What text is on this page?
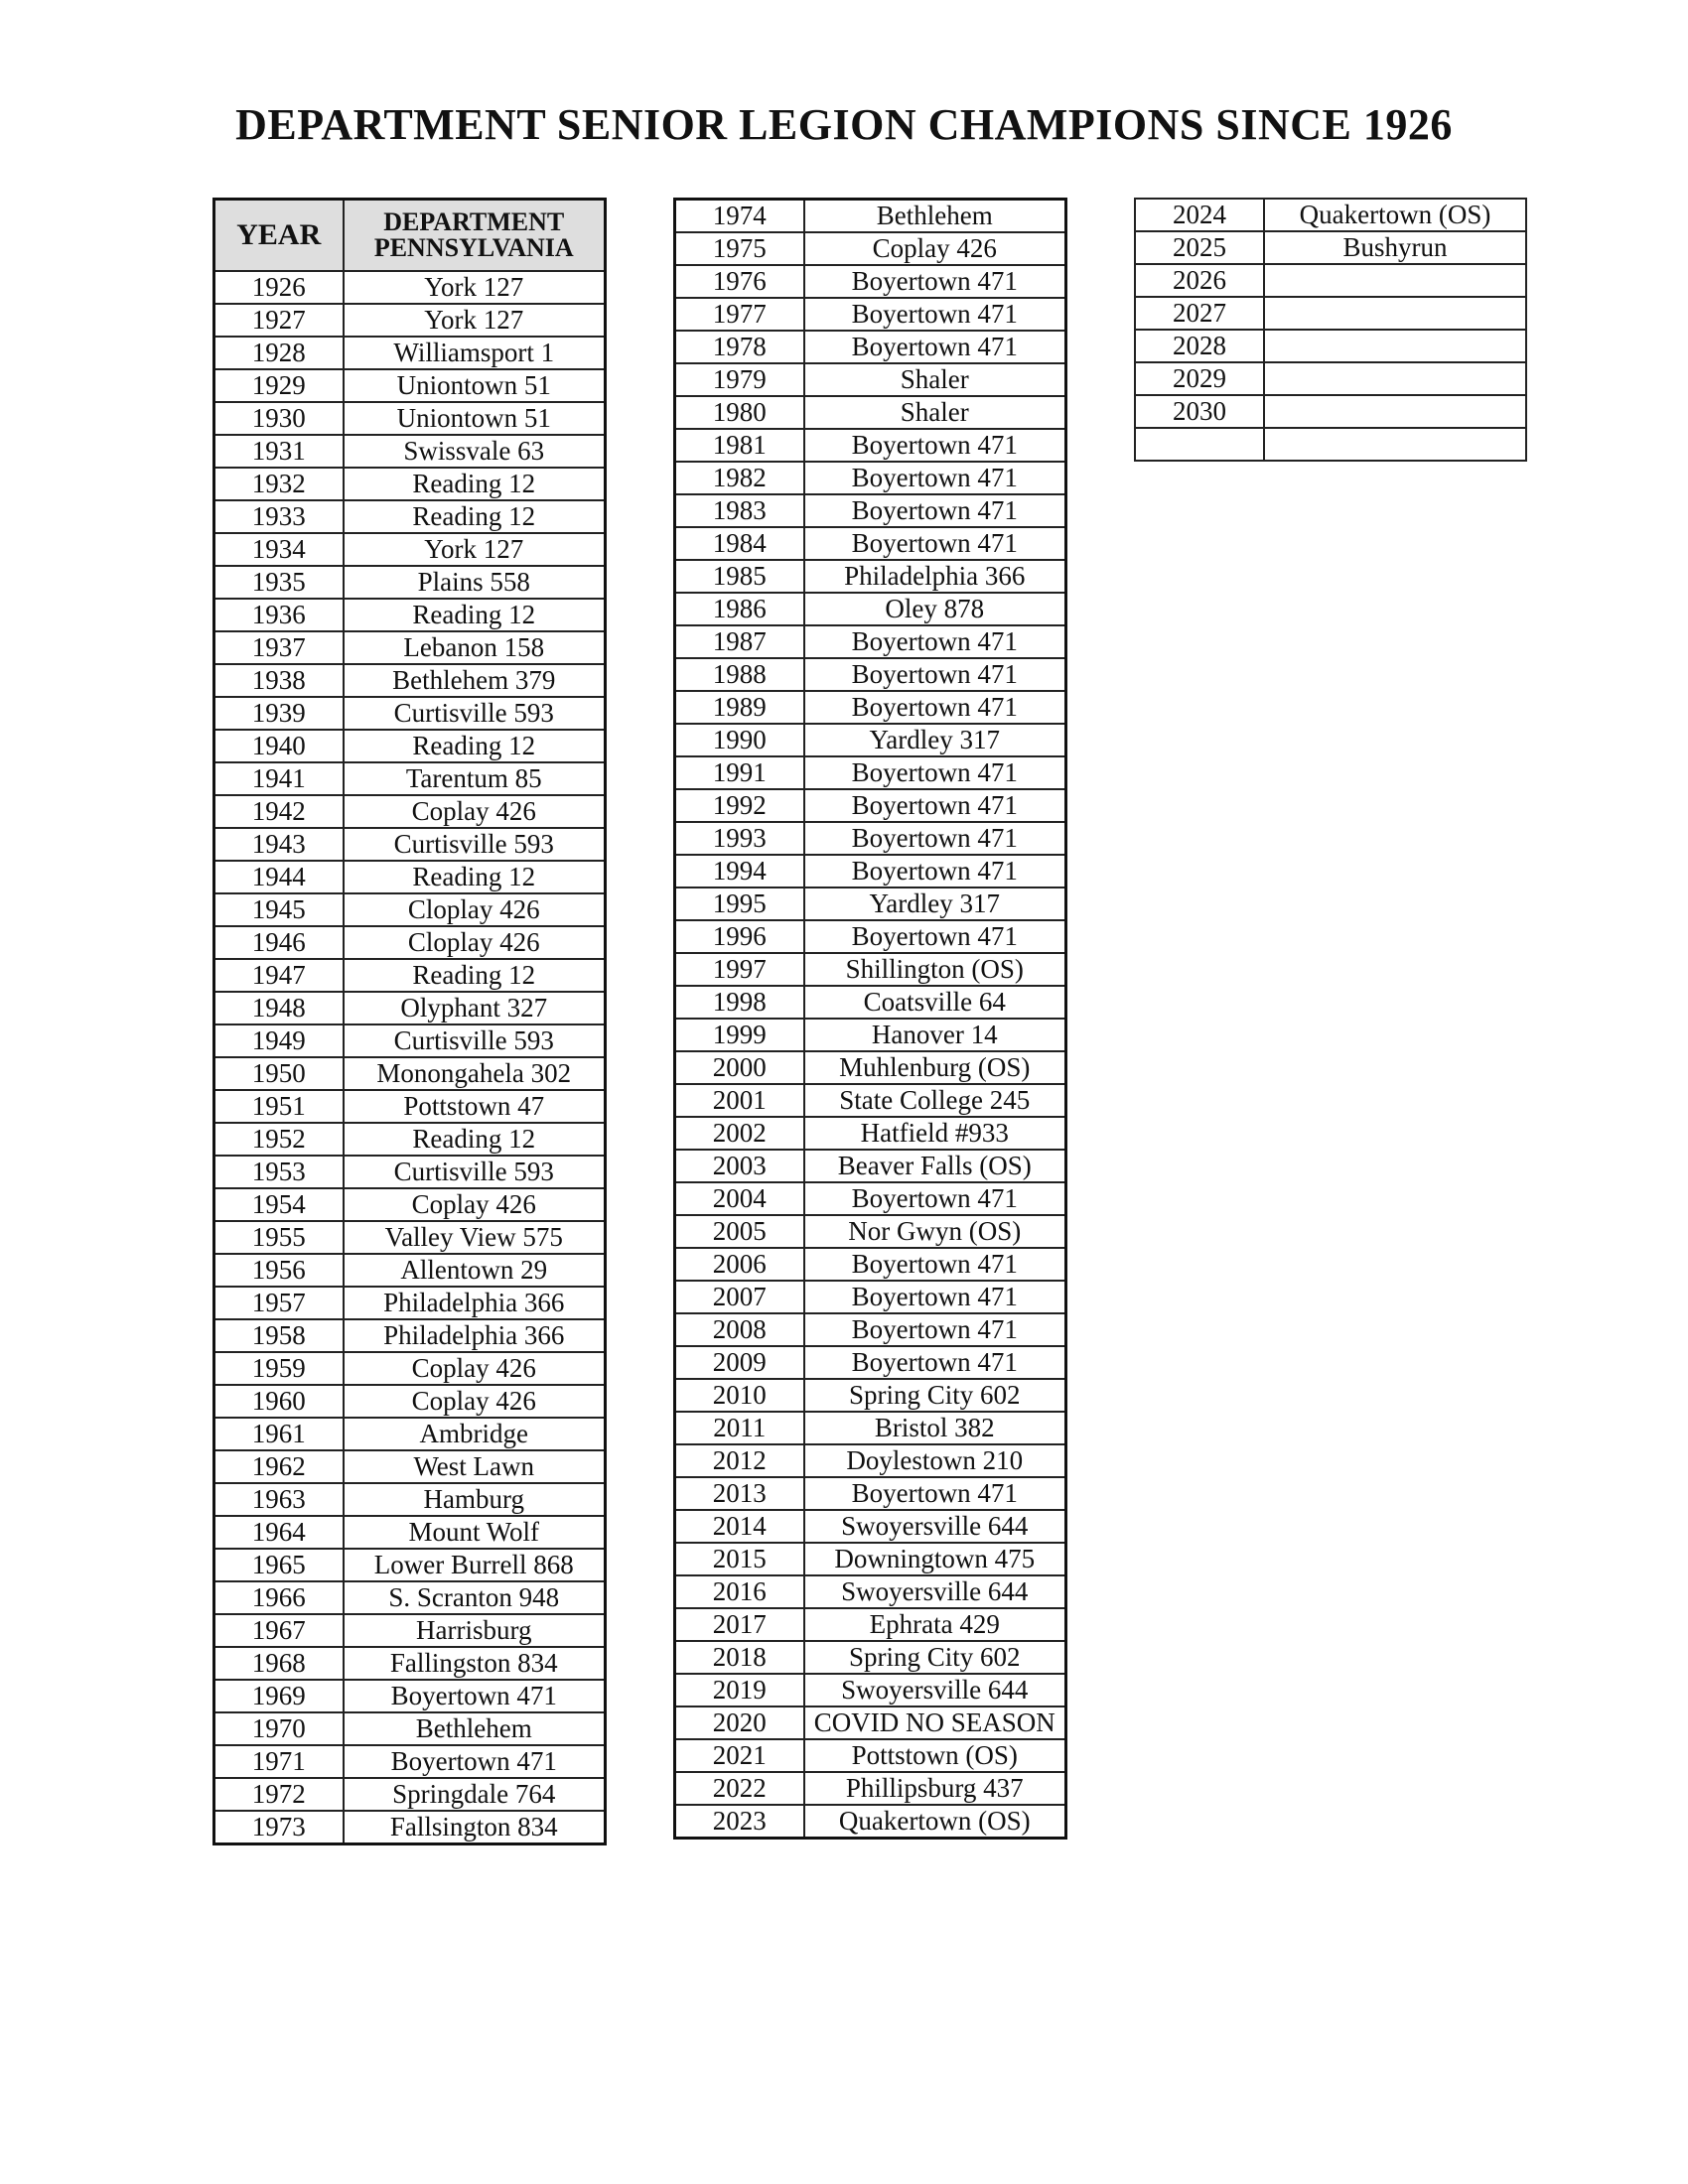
DEPARTMENT SENIOR LEGION CHAMPIONS SINCE 1926
YEAR	DEPARTMENT
PENNSYLVANIA
1926	York 127
1927	York 127
1928	Williamsport 1
1929	Uniontown 51
1930	Uniontown 51
1931	Swissvale 63
1932	Reading 12
1933	Reading 12
1934	York 127
1935	Plains 558
1936	Reading 12
1937	Lebanon 158
1938	Bethlehem 379
1939	Curtisville 593
1940	Reading 12
1941	Tarentum 85
1942	Coplay 426
1943	Curtisville 593
1944	Reading 12
1945	Cloplay 426
1946	Cloplay 426
1947	Reading 12
1948	Olyphant 327
1949	Curtisville 593
1950	Monongahela 302
1951	Pottstown 47
1952	Reading 12
1953	Curtisville 593
1954	Coplay 426
1955	Valley View 575
1956	Allentown 29
1957	Philadelphia 366
1958	Philadelphia 366
1959	Coplay 426
1960	Coplay 426
1961	Ambridge
1962	West Lawn
1963	Hamburg
1964	Mount Wolf
1965	Lower Burrell 868
1966	S. Scranton 948
1967	Harrisburg
1968	Fallingston 834
1969	Boyertown 471
1970	Bethlehem
1971	Boyertown 471
1972	Springdale 764
1973	Fallsington 834
1974	Bethlehem
1975	Coplay 426
1976	Boyertown 471
1977	Boyertown 471
1978	Boyertown 471
1979	Shaler
1980	Shaler
1981	Boyertown 471
1982	Boyertown 471
1983	Boyertown 471
1984	Boyertown 471
1985	Philadelphia 366
1986	Oley 878
1987	Boyertown 471
1988	Boyertown 471
1989	Boyertown 471
1990	Yardley 317
1991	Boyertown 471
1992	Boyertown 471
1993	Boyertown 471
1994	Boyertown 471
1995	Yardley 317
1996	Boyertown 471
1997	Shillington (OS)
1998	Coatsville 64
1999	Hanover 14
2000	Muhlenburg (OS)
2001	State College 245
2002	Hatfield #933
2003	Beaver Falls (OS)
2004	Boyertown 471
2005	Nor Gwyn (OS)
2006	Boyertown 471
2007	Boyertown 471
2008	Boyertown 471
2009	Boyertown 471
2010	Spring City 602
2011	Bristol 382
2012	Doylestown 210
2013	Boyertown 471
2014	Swoyersville 644
2015	Downingtown 475
2016	Swoyersville 644
2017	Ephrata 429
2018	Spring City 602
2019	Swoyersville 644
2020	COVID NO SEASON
2021	Pottstown (OS)
2022	Phillipsburg 437
2023	Quakertown (OS)
2024	Quakertown (OS)
2025	Bushyrun
2026	
2027	
2028	
2029	
2030	
